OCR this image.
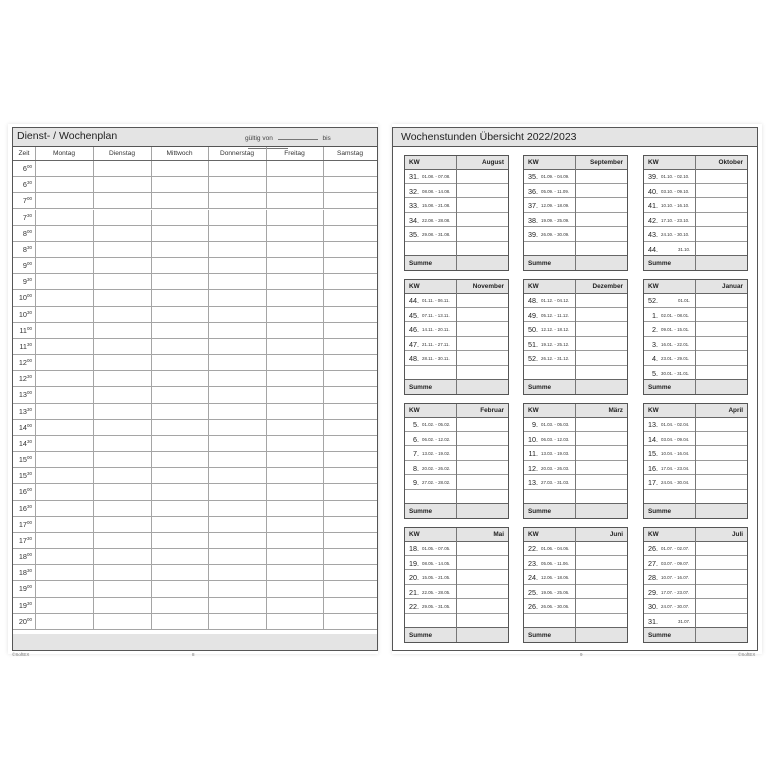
Dienst- / Wochenplan	gültig von	bis
Zeit	Montag	Dienstag	Mittwoch	Donnerstag	Freitag	Samstag
$6^{00}$
$6^{30}$
$7^{00}$
$7^{30}$
$8^{00}$
$8^{30}$
$9^{00}$
$9^{30}$
$10^{00}$
$10^{30}$
$11^{00}$
$11^{30}$
$12^{00}$
$12^{30}$
$13^{00}$
$13^{30}$
$14^{00}$
$14^{30}$
$15^{00}$
$15^{30}$
$16^{00}$
$16^{30}$
$17^{00}$
$17^{30}$
$18^{00}$
$18^{30}$
$19^{00}$
$19^{30}$
$20^{00}$
©SoftEX	8
Wochenstunden Übersicht 2022/2023
KW	August
31. 01.08. - 07.08.
32. 08.08. - 14.08.
33. 15.08. - 21.08.
34. 22.08. - 28.08.
35. 29.08. - 31.08.
Summe
KW	September
35. 01.09. - 04.09.
36. 05.09. - 11.09.
37. 12.09. - 18.09.
38. 19.09. - 25.09.
39. 26.09. - 30.09.
Summe
KW	Oktober
39. 01.10. - 02.10.
40. 03.10. - 09.10.
41. 10.10. - 16.10.
42. 17.10. - 23.10.
43. 24.10. - 30.10.
44.	31.10.
Summe
KW	November
44. 01.11. - 06.11.
45. 07.11. - 13.11.
46. 14.11. - 20.11.
47. 21.11. - 27.11.
48. 28.11. - 30.11.
Summe
KW	Dezember
48. 01.12. - 04.12.
49. 05.12. - 11.12.
50. 12.12. - 18.12.
51. 19.12. - 25.12.
52. 26.12. - 31.12.
Summe
KW	Januar
52.	01.01.
1. 02.01. - 08.01.
2. 09.01. - 15.01.
3. 16.01. - 22.01.
4. 23.01. - 29.01.
5. 30.01. - 31.01.
Summe
KW	Februar
5. 01.02. - 05.02.
6. 06.02. - 12.02.
7. 13.02. - 19.02.
8. 20.02. - 26.02.
9. 27.02. - 28.02.
Summe
KW	März
9. 01.03. - 05.03.
10. 06.03. - 12.03.
11. 13.03. - 19.03.
12. 20.03. - 26.03.
13. 27.03. - 31.03.
Summe
KW	April
13. 01.04. - 02.04.
14. 03.04. - 09.04.
15. 10.04. - 16.04.
16. 17.04. - 23.04.
17. 24.04. - 30.04.
Summe
KW	Mai
18. 01.05. - 07.05.
19. 08.05. - 14.05.
20. 15.05. - 21.05.
21. 22.05. - 28.05.
22. 29.05. - 31.05.
Summe
KW	Juni
22. 01.06. - 04.06.
23. 05.06. - 11.06.
24. 12.06. - 18.06.
25. 19.06. - 25.06.
26. 26.06. - 30.06.
Summe
KW	Juli
26. 01.07. - 02.07.
27. 03.07. - 09.07.
28. 10.07. - 16.07.
29. 17.07. - 23.07.
30. 24.07. - 30.07.
31.	31.07.
Summe
9	©SoftEX
